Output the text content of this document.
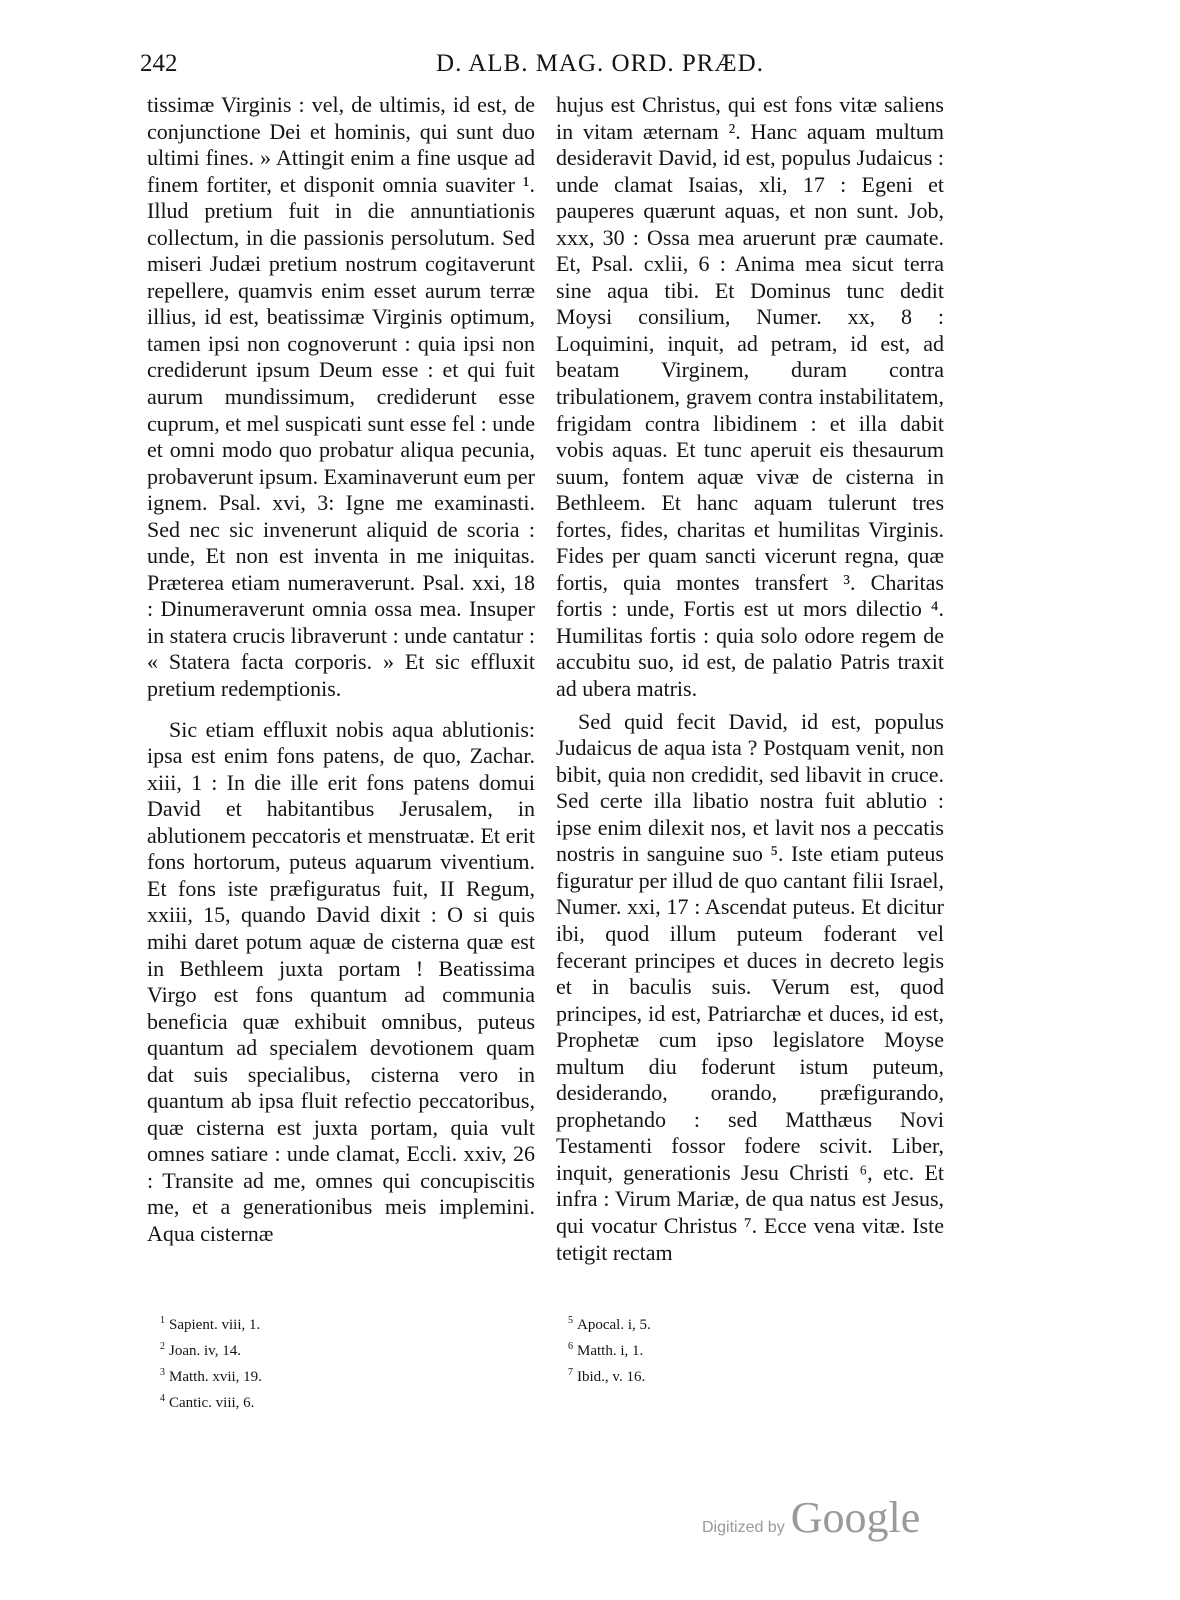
242	D. ALB. MAG. ORD. PRÆD.

tissimæ Virginis : vel, de ultimis, id est, de conjunctione Dei et hominis, qui sunt duo ultimi fines. » Attingit enim a fine usque ad finem fortiter, et disponit omnia suaviter ¹. Illud pretium fuit in die annuntiationis collectum, in die passionis persolutum. Sed miseri Judæi pretium nostrum cogitaverunt repellere, quamvis enim esset aurum terræ illius, id est, beatissimæ Virginis optimum, tamen ipsi non cognoverunt : quia ipsi non crediderunt ipsum Deum esse : et qui fuit aurum mundissimum, crediderunt esse cuprum, et mel suspicati sunt esse fel : unde et omni modo quo probatur aliqua pecunia, probaverunt ipsum. Examinaverunt eum per ignem. Psal. xvi, 3: Igne me examinasti. Sed nec sic invenerunt aliquid de scoria : unde, Et non est inventa in me iniquitas. Præterea etiam numeraverunt. Psal. xxi, 18 : Dinumeraverunt omnia ossa mea. Insuper in statera crucis libraverunt : unde cantatur : « Statera facta corporis. » Et sic effluxit pretium redemptionis.

Sic etiam effluxit nobis aqua ablutionis: ipsa est enim fons patens, de quo, Zachar. xiii, 1 : In die ille erit fons patens domui David et habitantibus Jerusalem, in ablutionem peccatoris et menstruatæ. Et erit fons hortorum, puteus aquarum viventium. Et fons iste præfiguratus fuit, II Regum, xxiii, 15, quando David dixit : O si quis mihi daret potum aquæ de cisterna quæ est in Bethleem juxta portam ! Beatissima Virgo est fons quantum ad communia beneficia quæ exhibuit omnibus, puteus quantum ad specialem devotionem quam dat suis specialibus, cisterna vero in quantum ab ipsa fluit refectio peccatoribus, quæ cisterna est juxta portam, quia vult omnes satiare : unde clamat, Eccli. xxiv, 26 : Transite ad me, omnes qui concupiscitis me, et a generationibus meis implemini. Aqua cisternæ

hujus est Christus, qui est fons vitæ saliens in vitam æternam ². Hanc aquam multum desideravit David, id est, populus Judaicus : unde clamat Isaias, xli, 17 : Egeni et pauperes quærunt aquas, et non sunt. Job, xxx, 30 : Ossa mea aruerunt præ caumate. Et, Psal. cxlii, 6 : Anima mea sicut terra sine aqua tibi. Et Dominus tunc dedit Moysi consilium, Numer. xx, 8 : Loquimini, inquit, ad petram, id est, ad beatam Virginem, duram contra tribulationem, gravem contra instabilitatem, frigidam contra libidinem : et illa dabit vobis aquas. Et tunc aperuit eis thesaurum suum, fontem aquæ vivæ de cisterna in Bethleem. Et hanc aquam tulerunt tres fortes, fides, charitas et humilitas Virginis. Fides per quam sancti vicerunt regna, quæ fortis, quia montes transfert ³. Charitas fortis : unde, Fortis est ut mors dilectio ⁴. Humilitas fortis : quia solo odore regem de accubitu suo, id est, de palatio Patris traxit ad ubera matris.

Sed quid fecit David, id est, populus Judaicus de aqua ista ? Postquam venit, non bibit, quia non credidit, sed libavit in cruce. Sed certe illa libatio nostra fuit ablutio : ipse enim dilexit nos, et lavit nos a peccatis nostris in sanguine suo ⁵. Iste etiam puteus figuratur per illud de quo cantant filii Israel, Numer. xxi, 17 : Ascendat puteus. Et dicitur ibi, quod illum puteum foderant vel fecerant principes et duces in decreto legis et in baculis suis. Verum est, quod principes, id est, Patriarchæ et duces, id est, Prophetæ cum ipso legislatore Moyse multum diu foderunt istum puteum, desiderando, orando, præfigurando, prophetando : sed Matthæus Novi Testamenti fossor fodere scivit. Liber, inquit, generationis Jesu Christi ⁶, etc. Et infra : Virum Mariæ, de qua natus est Jesus, qui vocatur Christus ⁷. Ecce vena vitæ. Iste tetigit rectam

$^1$ Sapient. viii, 1.
$^2$ Joan. iv, 14.
$^3$ Matth. xvii, 19.
$^4$ Cantic. viii, 6.
$^5$ Apocal. i, 5.
$^6$ Matth. i, 1.
$^7$ Ibid., v. 16.
Digitized by Google
